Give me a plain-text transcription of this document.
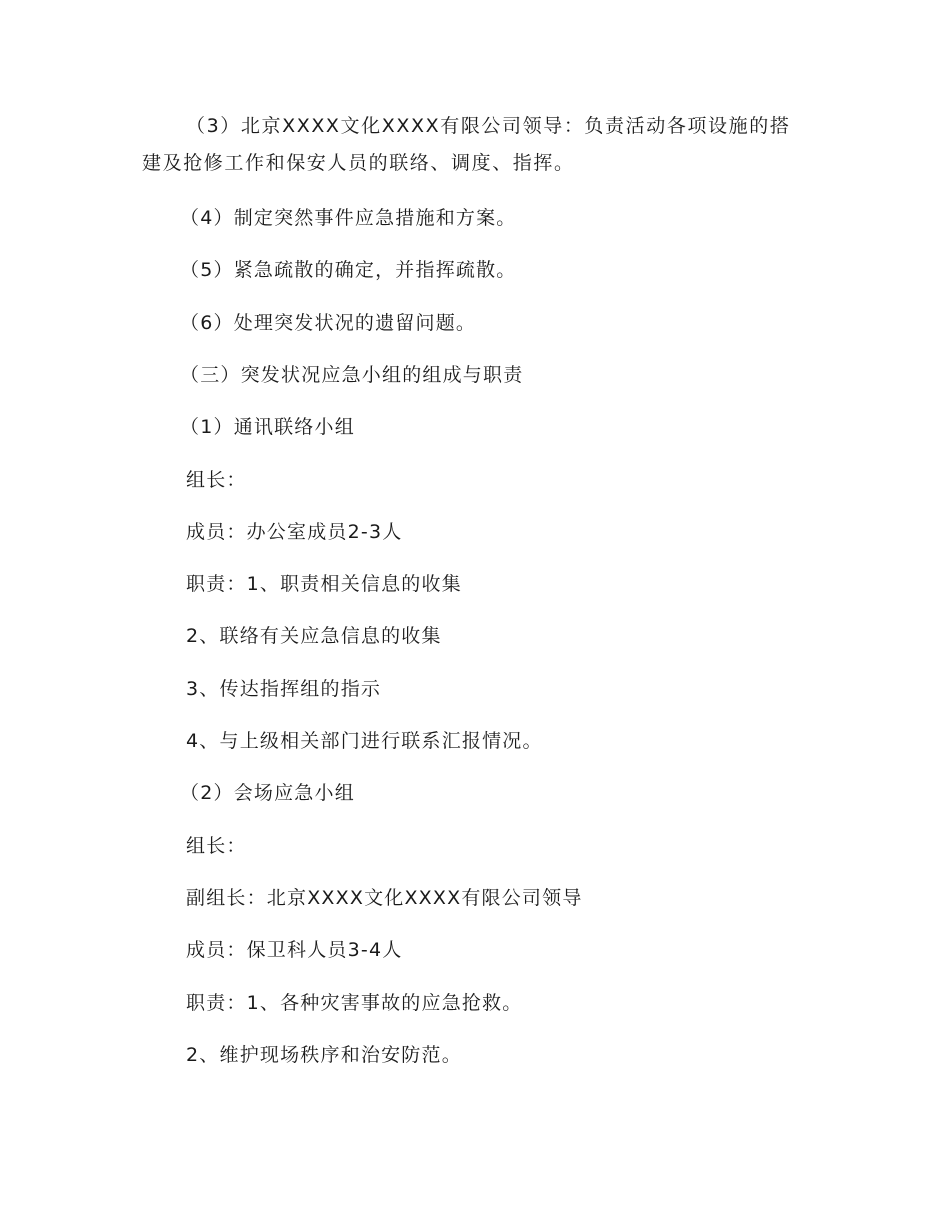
（3）北京XXXX文化XXXX有限公司领导：负责活动各项设施的搭建及抢修工作和保安人员的联络、调度、指挥。
（4）制定突然事件应急措施和方案。
（5）紧急疏散的确定，并指挥疏散。
（6）处理突发状况的遗留问题。
（三）突发状况应急小组的组成与职责
（1）通讯联络小组
组长：
成员：办公室成员2-3人
职责：1、职责相关信息的收集
2、联络有关应急信息的收集
3、传达指挥组的指示
4、与上级相关部门进行联系汇报情况。
（2）会场应急小组
组长：
副组长：北京XXXX文化XXXX有限公司领导
成员：保卫科人员3-4人
职责：1、各种灾害事故的应急抢救。
2、维护现场秩序和治安防范。
